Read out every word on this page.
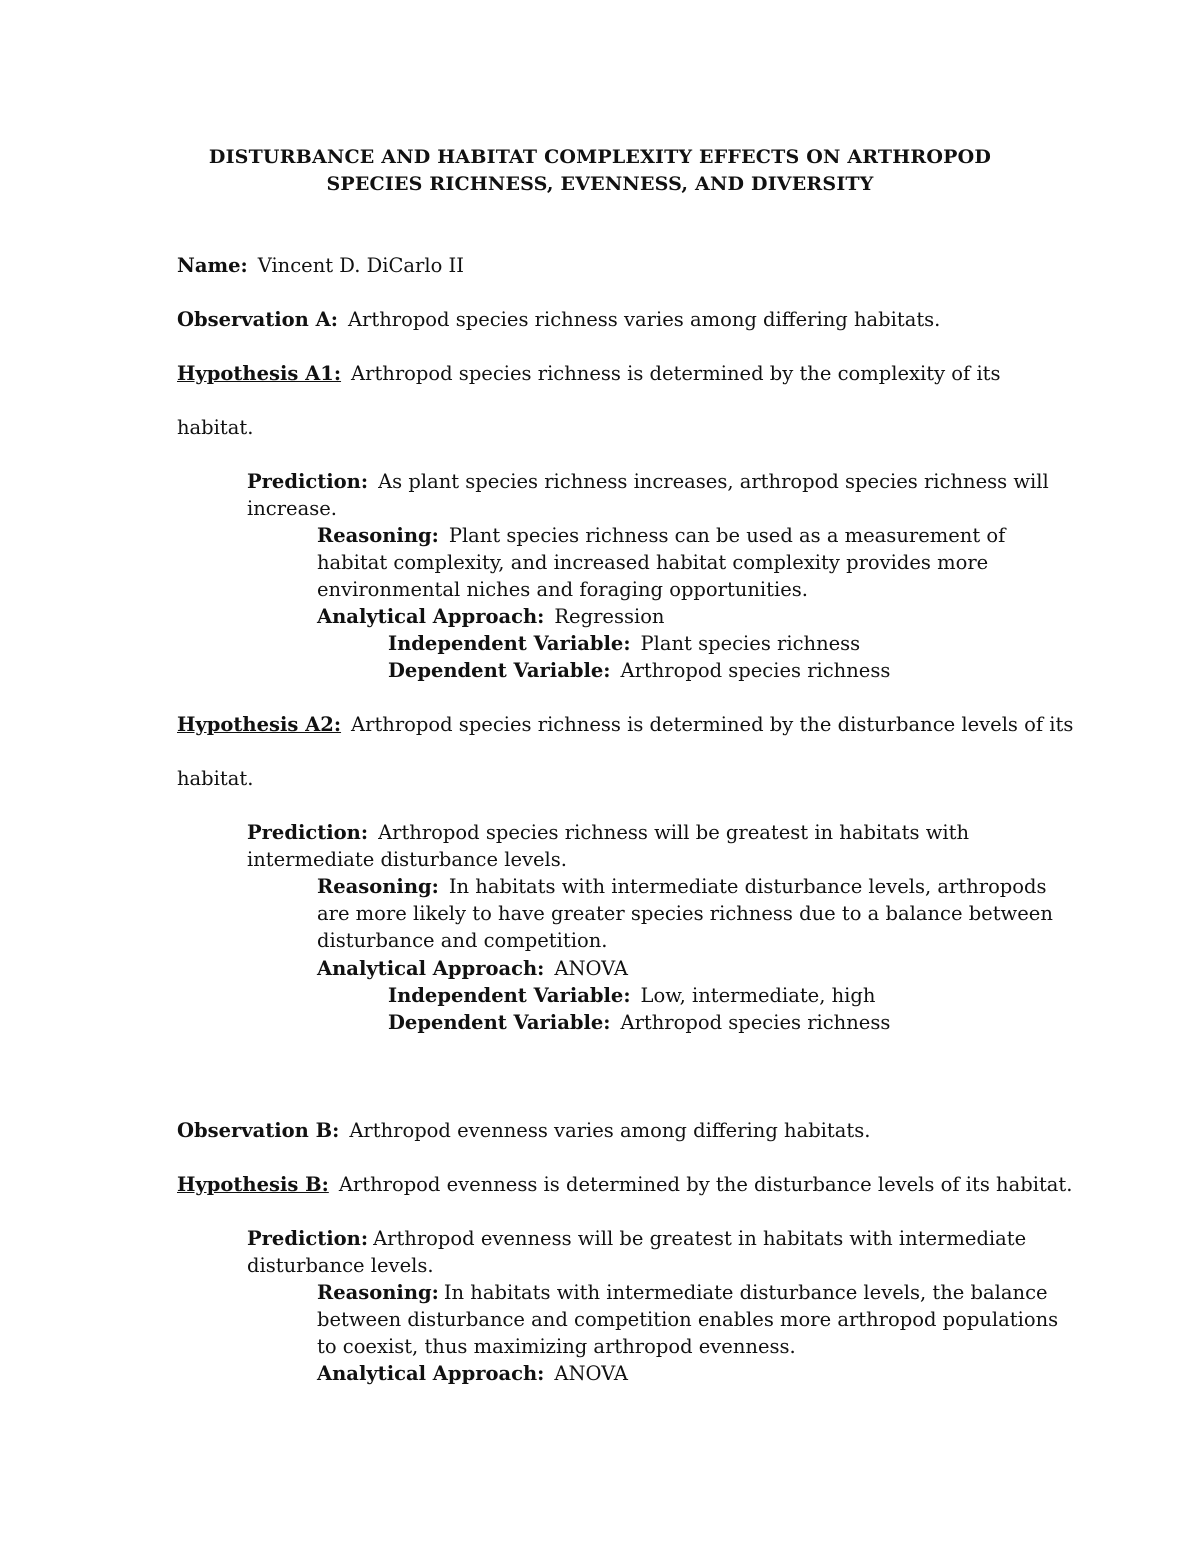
DISTURBANCE AND HABITAT COMPLEXITY EFFECTS ON ARTHROPOD
SPECIES RICHNESS, EVENNESS, AND DIVERSITY
Name: Vincent D. DiCarlo II
Observation A: Arthropod species richness varies among differing habitats.
Hypothesis A1: Arthropod species richness is determined by the complexity of its
habitat.
Prediction: As plant species richness increases, arthropod species richness will
increase.
Reasoning: Plant species richness can be used as a measurement of
habitat complexity, and increased habitat complexity provides more
environmental niches and foraging opportunities.
Analytical Approach: Regression
Independent Variable: Plant species richness
Dependent Variable: Arthropod species richness
Hypothesis A2: Arthropod species richness is determined by the disturbance levels of its
habitat.
Prediction: Arthropod species richness will be greatest in habitats with
intermediate disturbance levels.
Reasoning: In habitats with intermediate disturbance levels, arthropods
are more likely to have greater species richness due to a balance between
disturbance and competition.
Analytical Approach: ANOVA
Independent Variable: Low, intermediate, high
Dependent Variable: Arthropod species richness
Observation B: Arthropod evenness varies among differing habitats.
Hypothesis B: Arthropod evenness is determined by the disturbance levels of its habitat.
Prediction: Arthropod evenness will be greatest in habitats with intermediate
disturbance levels.
Reasoning: In habitats with intermediate disturbance levels, the balance
between disturbance and competition enables more arthropod populations
to coexist, thus maximizing arthropod evenness.
Analytical Approach: ANOVA
